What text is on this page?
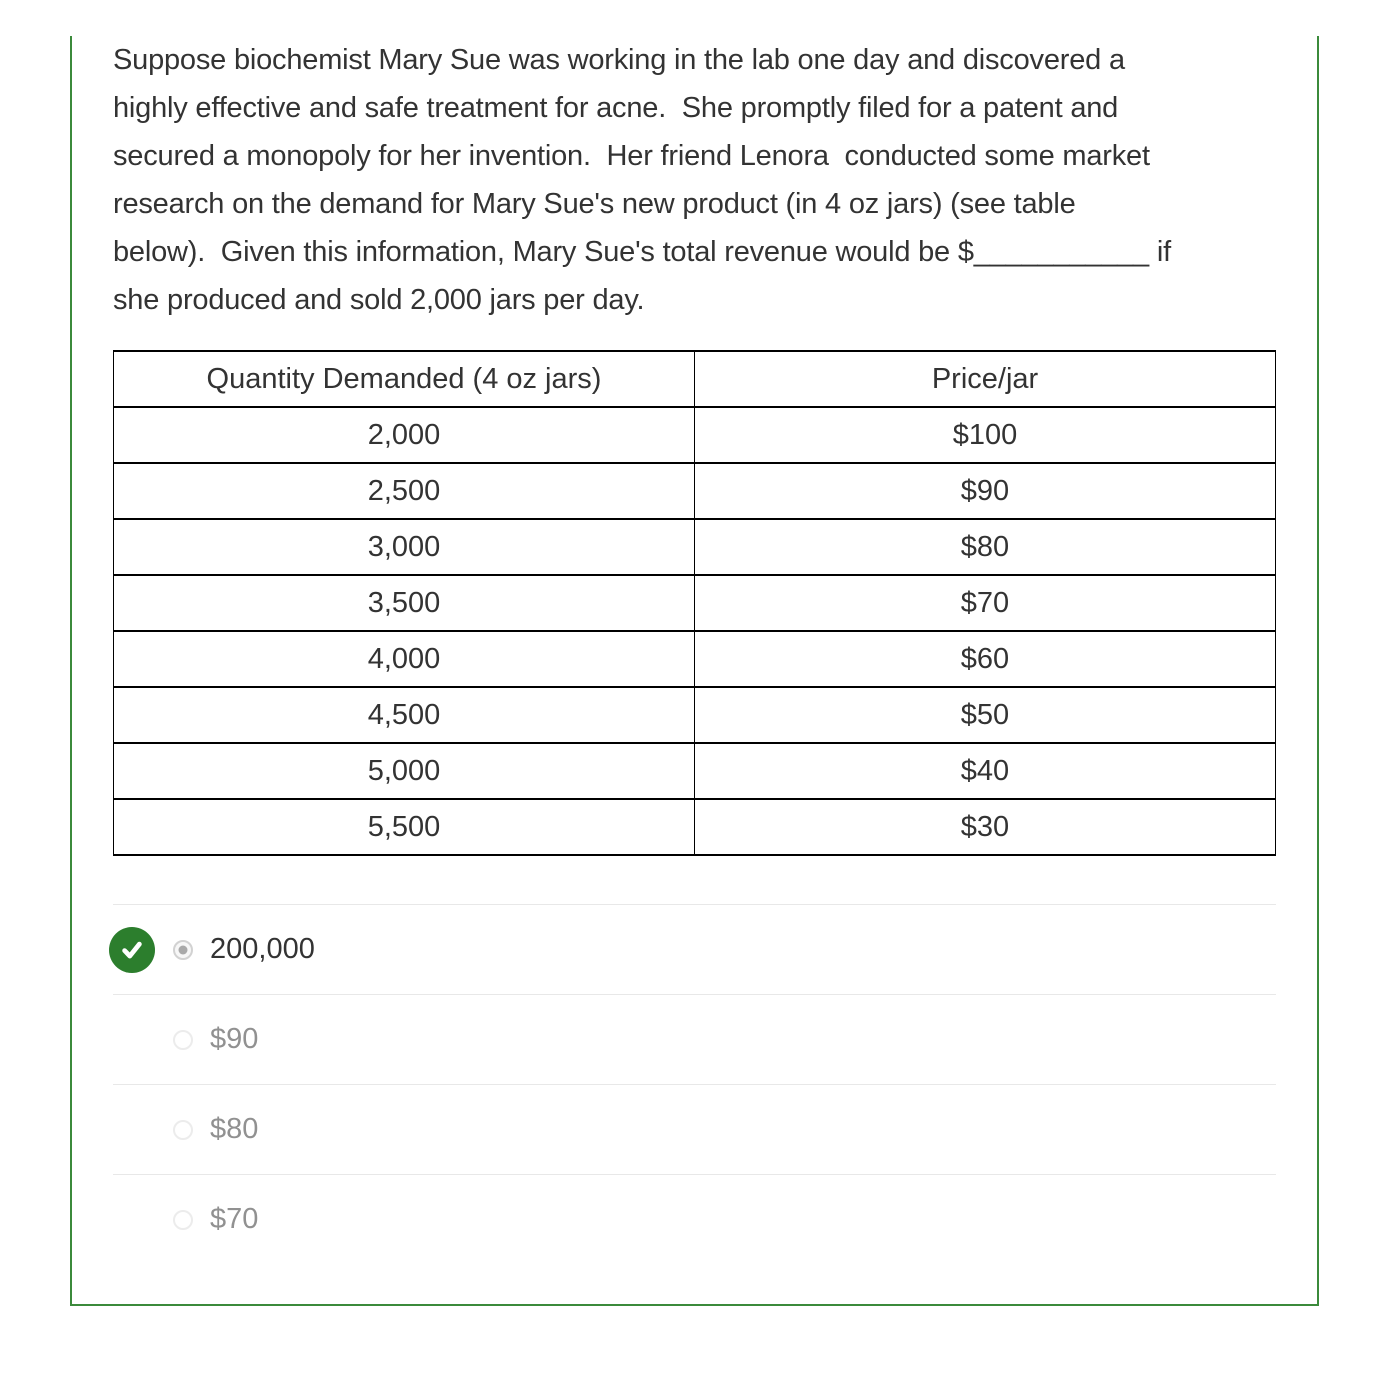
Suppose biochemist Mary Sue was working in the lab one day and discovered a
highly effective and safe treatment for acne.  She promptly filed for a patent and
secured a monopoly for her invention.  Her friend Lenora  conducted some market
research on the demand for Mary Sue's new product (in 4 oz jars) (see table
below).  Given this information, Mary Sue's total revenue would be $___________ if
she produced and sold 2,000 jars per day.

Quantity Demanded (4 oz jars)	Price/jar
2,000	$100
2,500	$90
3,000	$80
3,500	$70
4,000	$60
4,500	$50
5,000	$40
5,500	$30
200,000
$90
$80
$70
